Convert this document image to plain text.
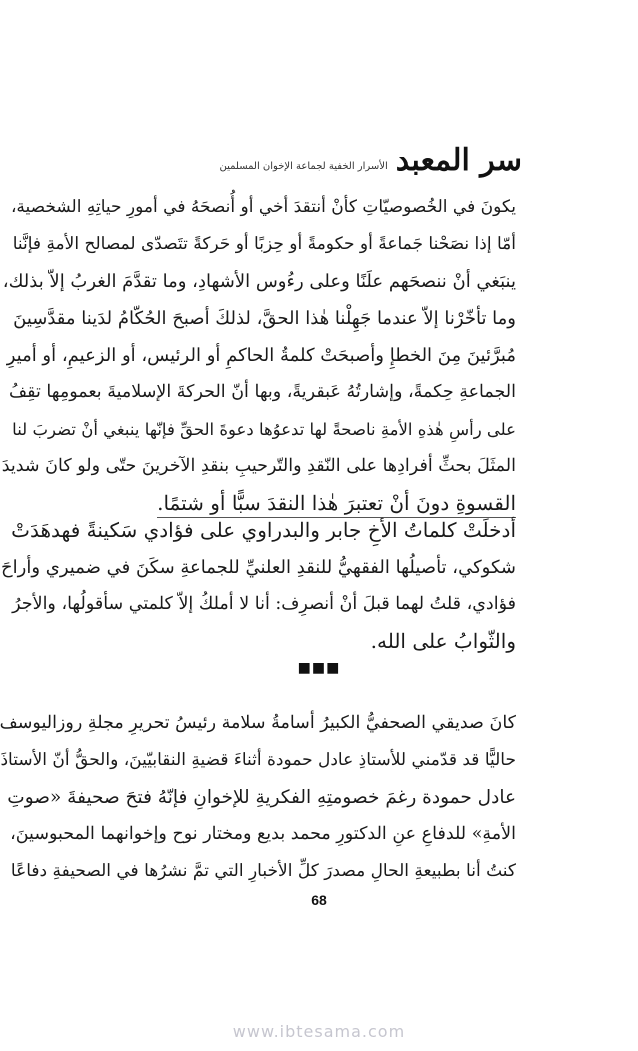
سر المعبد
الأسرار الخفية لجماعة الإخوان المسلمين
يكونَ في الخُصوصيّاتِ كأنْ أنتقدَ أخي أو أُنصحَهُ في أمورِ حياتِهِ الشخصية،
أمّا إذا نصَحْنا جَماعةً أو حكومةً أو حِزبًا أو حَركةً تتَصدّى لمصالح الأمةِ فإنَّنا
ينبَغي أنْ ننصحَهم علَنًا وعلى رءُوس الأشهادِ، وما تقدَّمَ الغربُ إلاّ بذلك،
وما تأخّرْنا إلاّ عندما جَهِلْنا هٰذا الحقَّ، لذلكَ أصبحَ الحُكّامُ لدَينا مقدَّسِينَ
مُبرَّئينَ مِنَ الخطإِ وأصبحَتْ كلمةُ الحاكمِ أو الرئيس، أو الزعيمِ، أو أميرِ
الجماعةِ حِكمةً، وإشارتُهُ عَبقريةً، وبها أنّ الحركةَ الإسلاميةَ بعمومِها تقِفُ
على رأسِ هٰذهِ الأمةِ ناصحةً لها تدعوُها دعوةَ الحقِّ فإنّها ينبغي أنْ تضربَ لنا
المثَلَ بحثِّ أفرادِها على النّقدِ والتّرحيبِ بنقدِ الآخرينَ حتّى ولو كانَ شديدَ
القسوةِ دونَ أنْ تعتبرَ هٰذا النقدَ سبًّا أو شتمًا.
أدخلَتْ كلماتُ الأخِ جابر والبدراوي على فؤادي سَكينةً فهدهَدَتْ
شكوكي، تأصيلُها الفقهيُّ للنقدِ العلنيِّ للجماعةِ سكَنَ في ضميري وأراحَ
فؤادي، قلتُ لهما قبلَ أنْ أنصرِف: أنا لا أملكُ إلاّ كلمتي سأقولُها، والأجرُ
والثّوابُ على الله.
■■■
كانَ صديقي الصحفيُّ الكبيرُ أسامةُ سلامة رئيسُ تحريرِ مجلةِ روزاليوسف
حاليًّا قد قدّمني للأستاذِ عادل حمودة أثناءَ قضيةِ النقابيّينَ، والحقُّ أنّ الأستاذَ
عادل حمودة رغمَ خصومتِهِ الفكريةِ للإخوانِ فإنّهُ فتحَ صحيفةَ «صوتِ
الأمةِ» للدفاعِ عنِ الدكتورِ محمد بديع ومختار نوح وإخوانهما المحبوسينَ،
كنتُ أنا بطبيعةِ الحالِ مصدرَ كلِّ الأخبارِ التي تمَّ نشرُها في الصحيفةِ دفاعًا
68
www.ibtesama.com
